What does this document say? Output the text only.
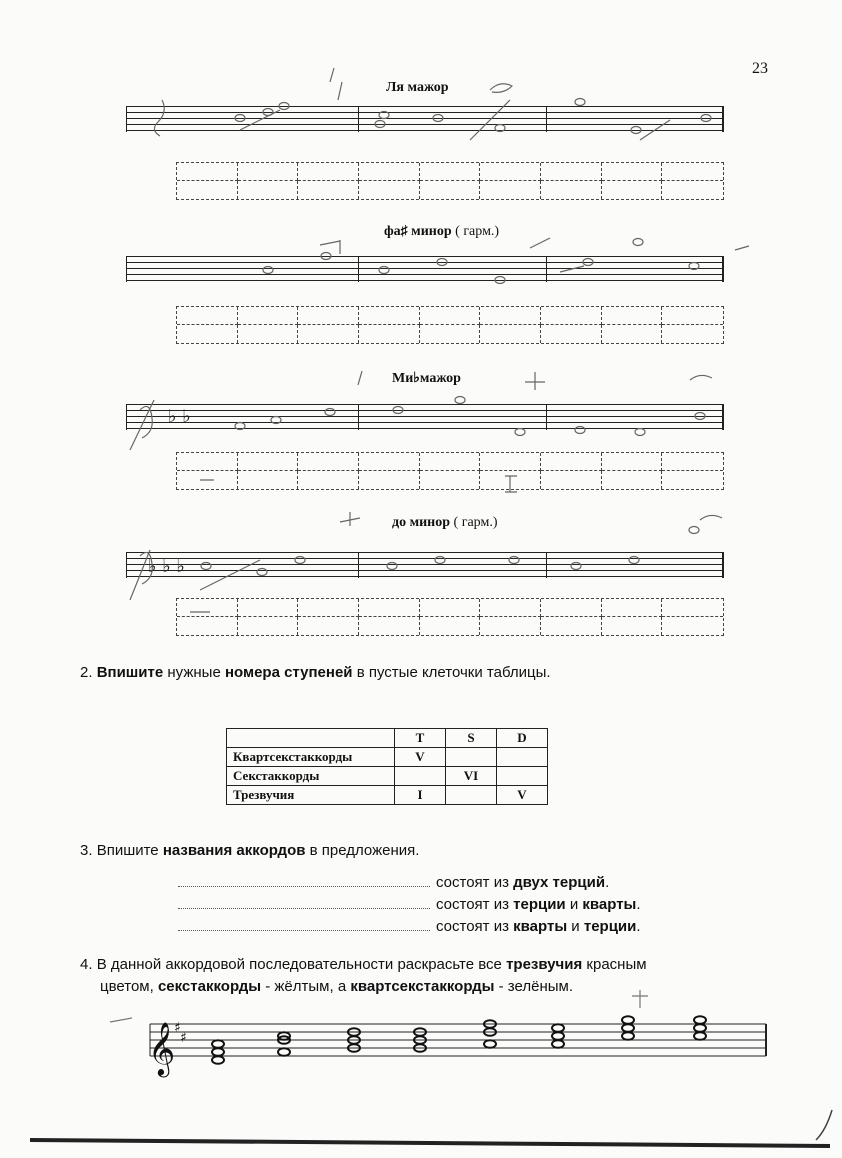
23
Ля мажор
фа♯ минор ( гарм.)
Ми♭мажор
до минор ( гарм.)
♭ ♭
♭ ♭ ♭
2. Впишите нужные номера ступеней в пустые клеточки таблицы.
	T	S	D
Квартсекстаккорды	V		
Секстаккорды		VI	
Трезвучия	I		V
3. Впишите названия аккордов в предложения.
состоят из двух терций.
состоят из терции и кварты.
состоят из кварты и терции.
4. В данной аккордовой последовательности раскрасьте все трезвучия красным
цветом, секстаккорды - жёлтым, а квартсекстаккорды - зелёным.
𝄞
♯
♯
